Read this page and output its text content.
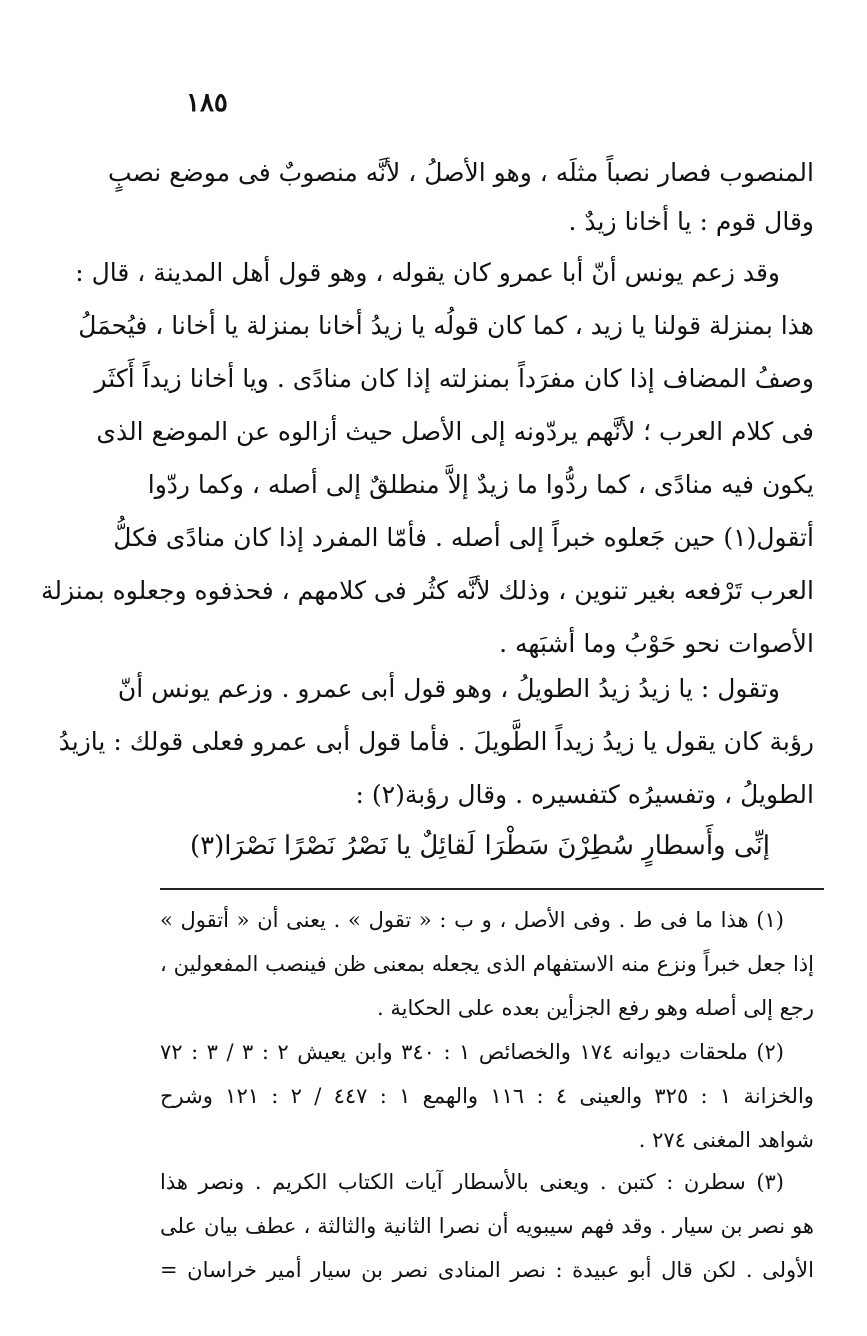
١٨٥
المنصوب فصار نصباً مثلَه ، وهو الأصلُ ، لأنَّه منصوبٌ فى موضع نصبٍ
وقال قوم : يا أخانا زيدٌ .
وقد زعم يونس أنّ أبا عمرو كان يقوله ، وهو قول أهل المدينة ، قال :
هذا بمنزلة قولنا يا زيد ، كما كان قولُه يا زيدُ أخانا بمنزلة يا أخانا ، فيُحمَلُ
وصفُ المضاف إذا كان مفرَداً بمنزلته إذا كان منادًى . ويا أخانا زيداً أَكثَر
فى كلام العرب ؛ لأنَّهم يردّونه إلى الأصل حيث أزالوه عن الموضع الذى
يكون فيه منادًى ، كما ردُّوا ما زيدٌ إلاَّ منطلقٌ إلى أصله ، وكما ردّوا
أتقول(١) حين جَعلوه خبراً إلى أصله . فأمّا المفرد إذا كان منادًى فكلُّ
العرب تَرْفعه بغير تنوين ، وذلك لأنَّه كثُر فى كلامهم ، فحذفوه وجعلوه بمنزلة
الأصوات نحو حَوْبُ وما أشبَهه .
وتقول : يا زيدُ زيدُ الطويلُ ، وهو قول أبى عمرو . وزعم يونس أنّ
رؤبة كان يقول يا زيدُ زيداً الطَّويلَ . فأما قول أبى عمرو فعلى قولك : يازيدُ
الطويلُ ، وتفسيرُه كتفسيره . وقال رؤبة(٢) :
إنِّى وأَسطارٍ سُطِرْنَ سَطْرَا
لَقائِلٌ يا نَصْرُ نَصْرًا نَصْرَا(٣)
(١) هذا ما فى ط . وفى الأصل ، و ب : « تقول » . يعنى أن « أتقول »
إذا جعل خبراً ونزع منه الاستفهام الذى يجعله بمعنى ظن فينصب المفعولين ،
رجع إلى أصله وهو رفع الجزأين بعده على الحكاية .
(٢) ملحقات ديوانه ١٧٤ والخصائص ١ : ٣٤٠ وابن يعيش ٢ : ٣ / ٣ : ٧٢
والخزانة ١ : ٣٢٥ والعينى ٤ : ١١٦ والهمع ١ : ٤٤٧ / ٢ : ١٢١ وشرح
شواهد المغنى ٢٧٤ .
(٣) سطرن : كتبن . ويعنى بالأسطار آيات الكتاب الكريم . ونصر هذا
هو نصر بن سيار . وقد فهم سيبويه أن نصرا الثانية والثالثة ، عطف بيان على
الأولى . لكن قال أبو عبيدة : نصر المنادى نصر بن سيار أمير خراسان =
